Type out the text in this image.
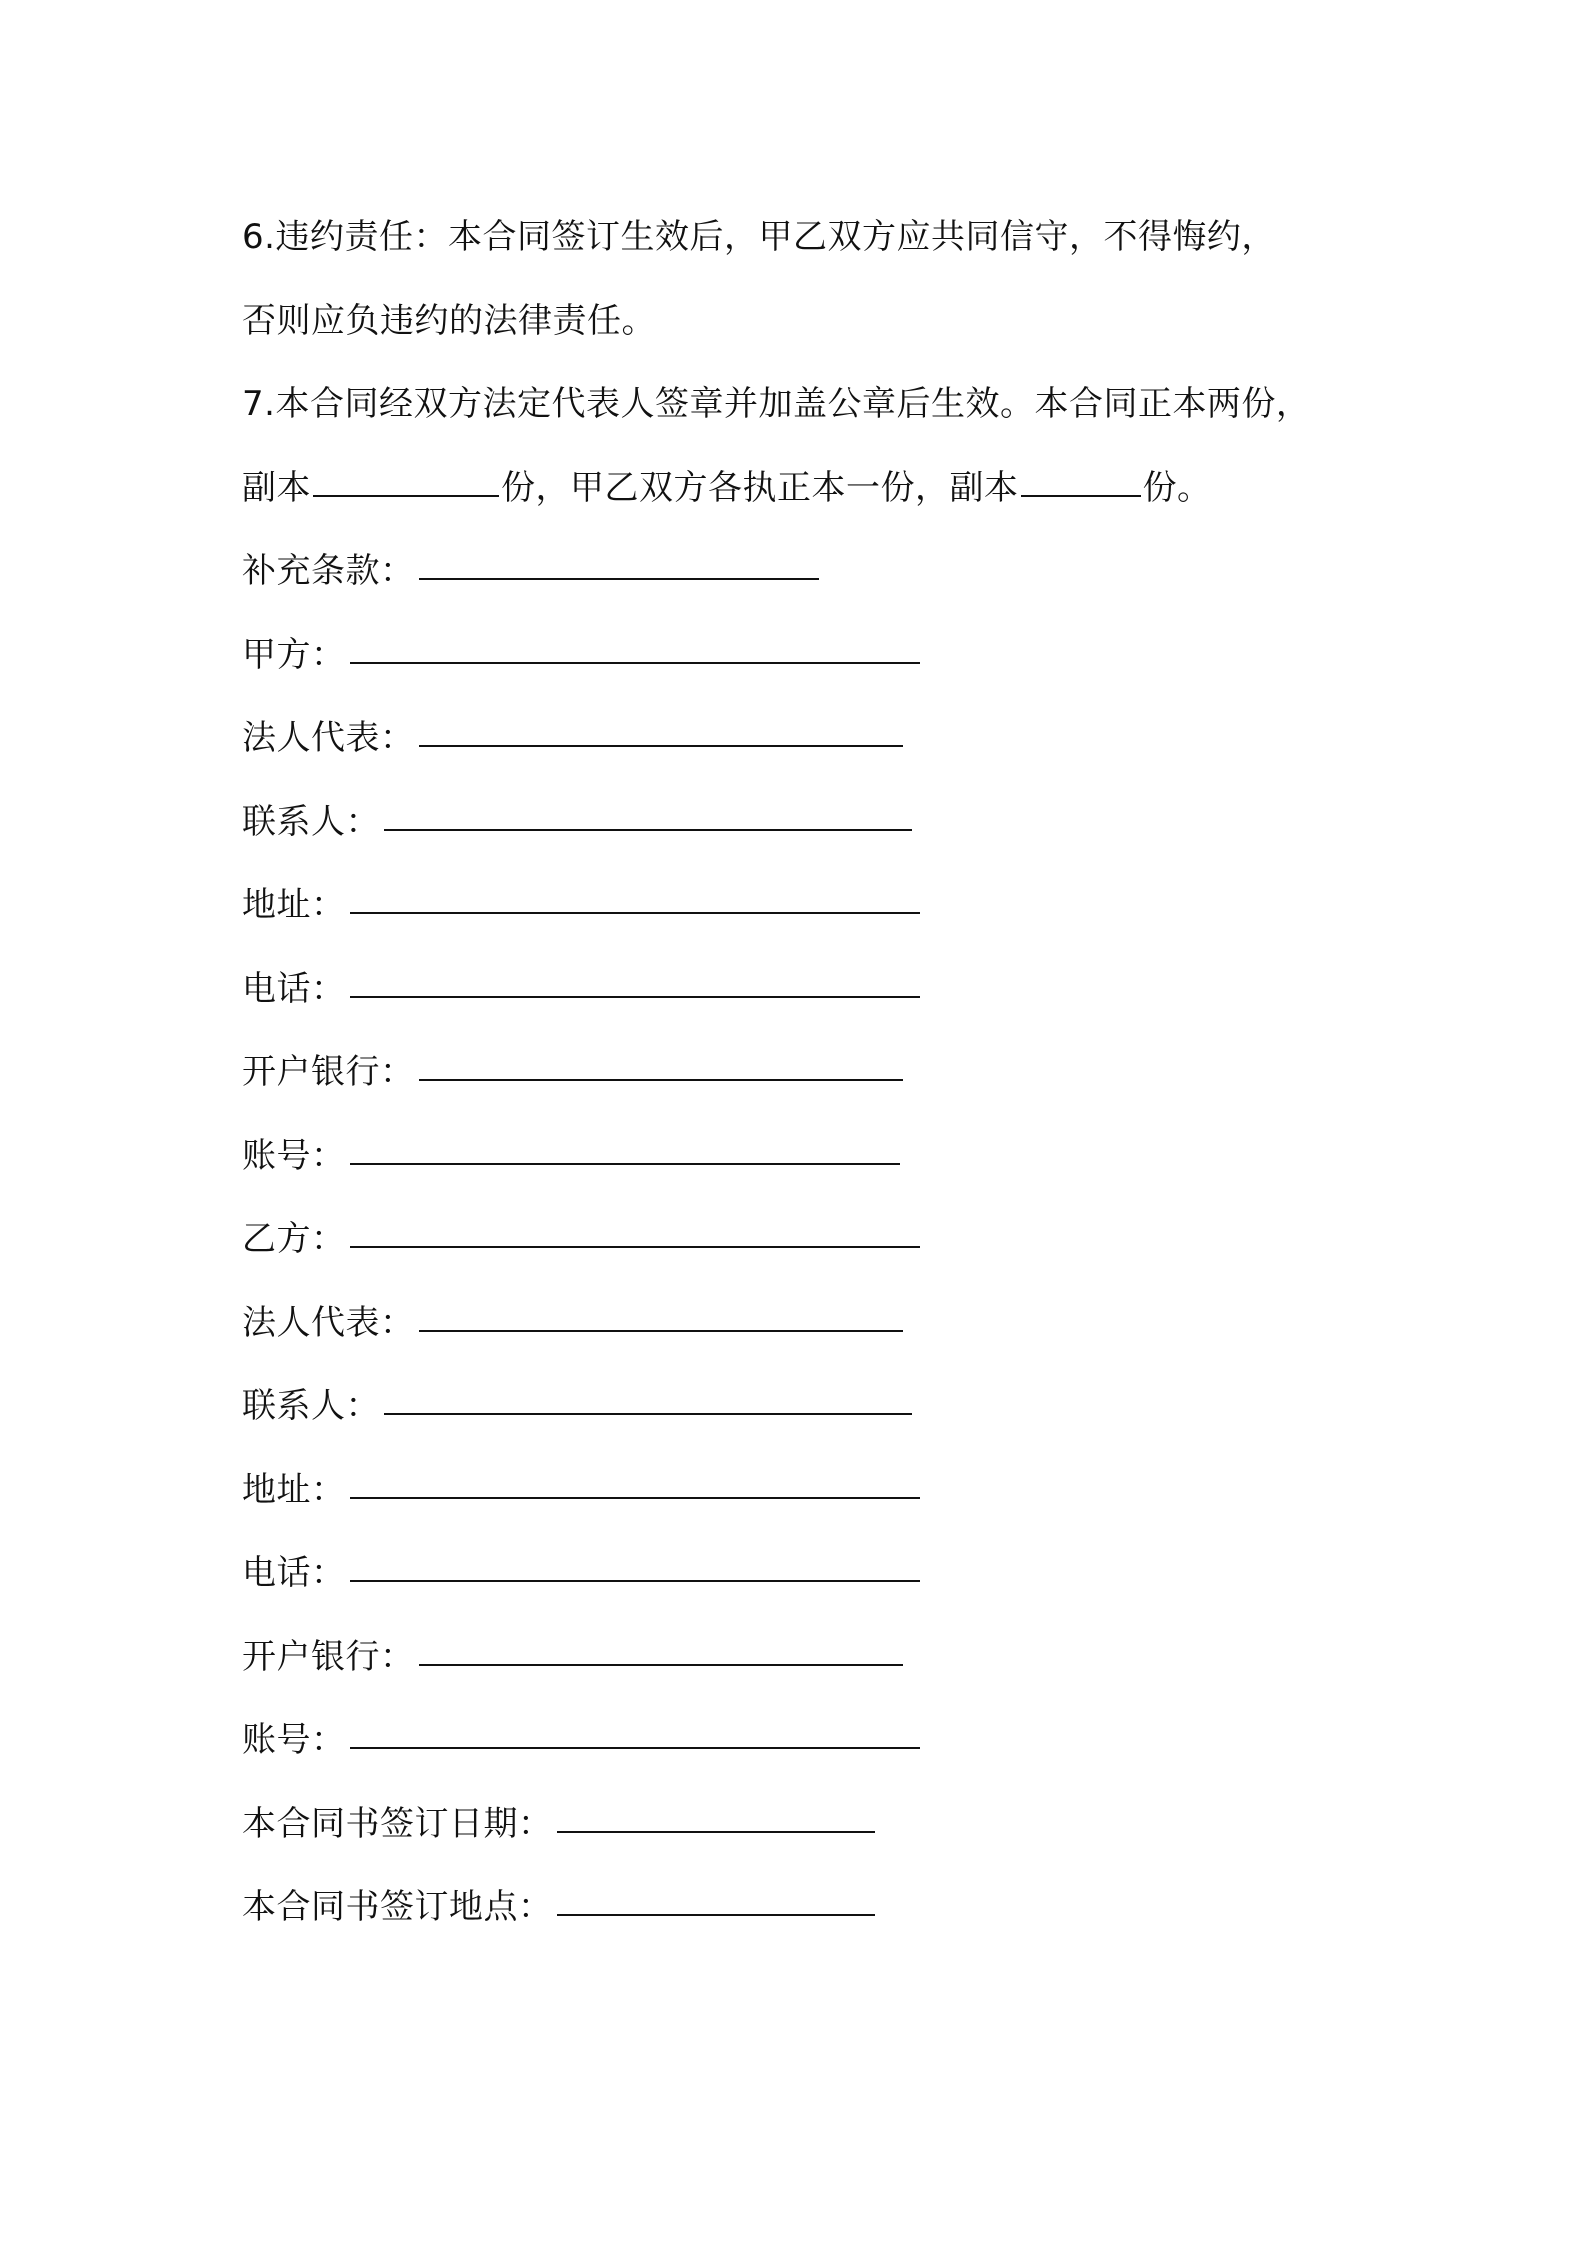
6.违约责任：本合同签订生效后，甲乙双方应共同信守，不得悔约，
否则应负违约的法律责任。
7.本合同经双方法定代表人签章并加盖公章后生效。本合同正本两份，
副本	份，甲乙双方各执正本一份，副本	份。
补充条款：
甲方：
法人代表：
联系人：
地址：
电话：
开户银行：
账号：
乙方：
法人代表：
联系人：
地址：
电话：
开户银行：
账号：
本合同书签订日期：
本合同书签订地点：
